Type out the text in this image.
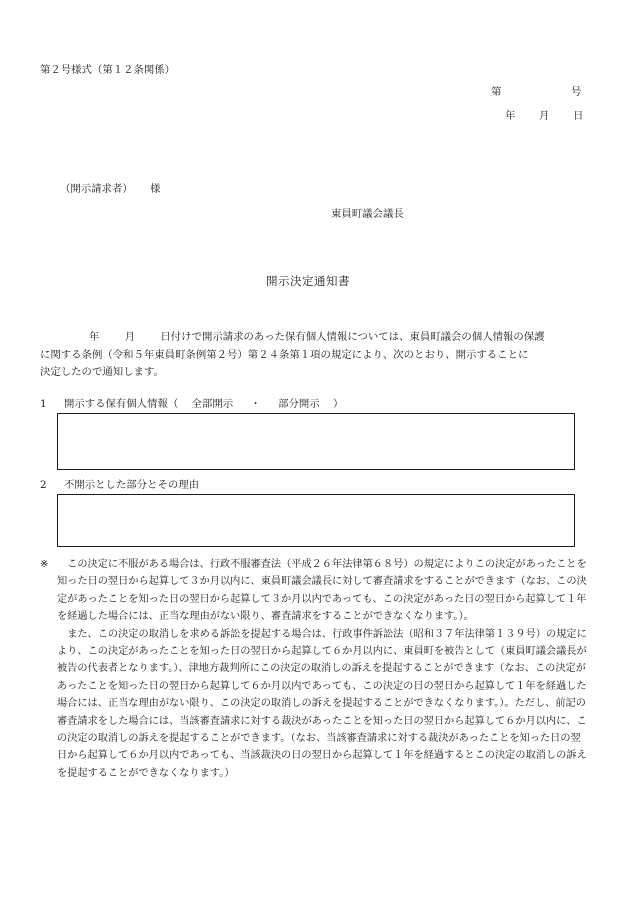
第２号様式（第１２条関係）
第	号
年 月 日
（開示請求者） 様
東員町議会議長
開示決定通知書

年 月 日付けで開示請求のあった保有個人情報については、東員町議会の個人情報の保護

に関する条例（令和５年東員町条例第２号）第２４条第１項の規定により、次のとおり、開示することに

決定したので通知します。

1 開示する保有個人情報（ 全部開示 ・ 部分開示 ）
2 不開示とした部分とその理由
※	この決定に不服がある場合は、行政不服審査法（平成２６年法律第６８号）の規定によりこの決定があったことを知った日の翌日から起算して３か月以内に、東員町議会議長に対して審査請求をすることができます（なお、この決定があったことを知った日の翌日から起算して３か月以内であっても、この決定があった日の翌日から起算して１年を経過した場合には、正当な理由がない限り、審査請求をすることができなくなります。）。
また、この決定の取消しを求める訴訟を提起する場合は、行政事件訴訟法（昭和３７年法律第１３９号）の規定により、この決定があったことを知った日の翌日から起算して６か月以内に、東員町を被告として（東員町議会議長が被告の代表者となります。）、津地方裁判所にこの決定の取消しの訴えを提起することができます（なお、この決定があったことを知った日の翌日から起算して６か月以内であっても、この決定の日の翌日から起算して１年を経過した場合には、正当な理由がない限り、この決定の取消しの訴えを提起することができなくなります。）。ただし、前記の審査請求をした場合には、当該審査請求に対する裁決があったことを知った日の翌日から起算して６か月以内に、この決定の取消しの訴えを提起することができます。（なお、当該審査請求に対する裁決があったことを知った日の翌日から起算して６か月以内であっても、当該裁決の日の翌日から起算して１年を経過するとこの決定の取消しの訴えを提起することができなくなります。）
